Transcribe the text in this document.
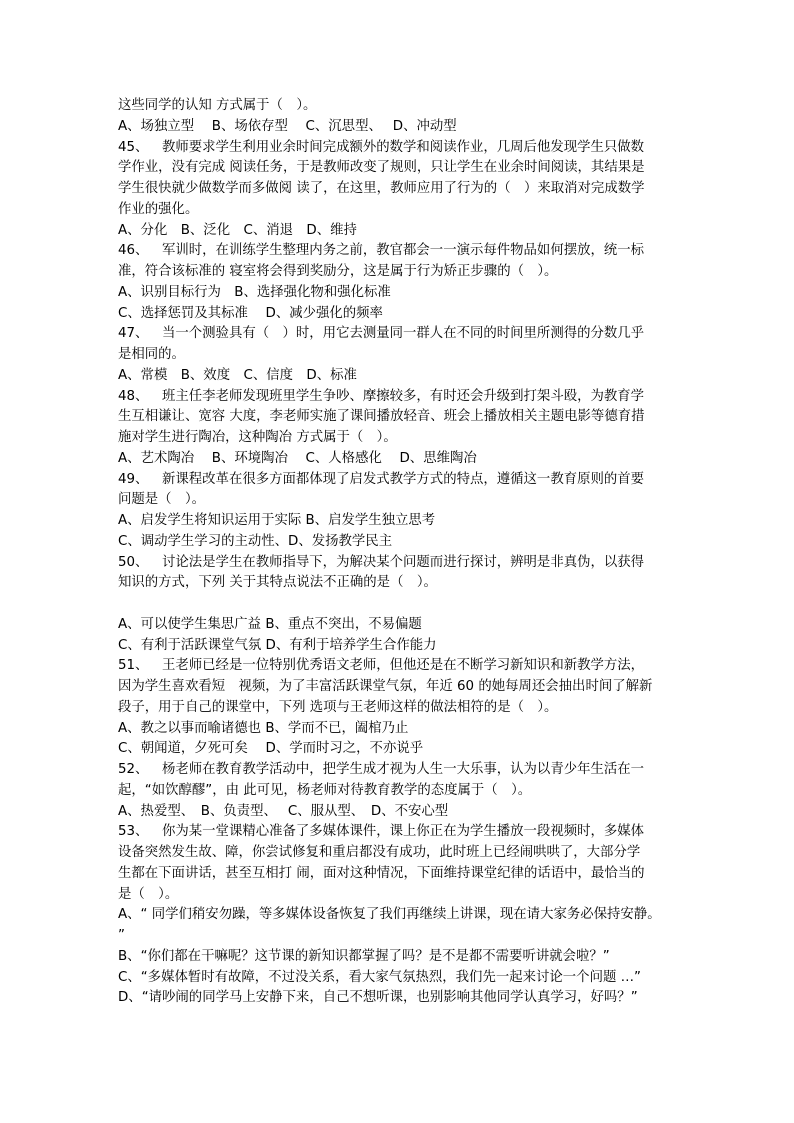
这些同学的认知 方式属于（　）。
A、场独立型　 B、场依存型　 C、沉思型、　 D、冲动型
45、 教师要求学生利用业余时间完成额外的数学和阅读作业，几周后他发现学生只做数
学作业，没有完成 阅读任务，于是教师改变了规则，只让学生在业余时间阅读，其结果是
学生很快就少做数学而多做阅 读了，在这里，教师应用了行为的（　）来取消对完成数学
作业的强化。
A、分化　B、泛化　C、消退　D、维持
46、 军训时，在训练学生整理内务之前，教官都会一一演示每件物品如何摆放，统一标
准，符合该标准的 寝室将会得到奖励分，这是属于行为矫正步骤的（　）。
A、识别目标行为　B、选择强化物和强化标准
C、选择惩罚及其标准　 D、减少强化的频率
47、 当一个测验具有（　）时，用它去测量同一群人在不同的时间里所测得的分数几乎
是相同的。
A、常模　B、效度　C、信度　D、标准
48、 班主任李老师发现班里学生争吵、摩擦较多，有时还会升级到打架斗殴，为教育学
生互相谦让、宽容 大度，李老师实施了课间播放轻音、班会上播放相关主题电影等德育措
施对学生进行陶冶，这种陶冶 方式属于（　）。
A、艺术陶冶　 B、环境陶冶　 C、人格感化　 D、思维陶冶
49、 新课程改革在很多方面都体现了启发式教学方式的特点，遵循这一教育原则的首要
问题是（　）。
A、启发学生将知识运用于实际 B、启发学生独立思考
C、调动学生学习的主动性、D、发扬教学民主
50、 讨论法是学生在教师指导下，为解决某个问题而进行探讨，辨明是非真伪，以获得
知识的方式，下列 关于其特点说法不正确的是（　）。
A、可以使学生集思广益 B、重点不突出，不易偏题
C、有利于活跃课堂气氛 D、有利于培养学生合作能力
51、 王老师已经是一位特别优秀语文老师，但他还是在不断学习新知识和新教学方法，
因为学生喜欢看短　视频，为了丰富活跃课堂气氛，年近 60 的她每周还会抽出时间了解新
段子，用于自己的课堂中，下列 选项与王老师这样的做法相符的是（　）。
A、教之以事而喻诸德也 B、学而不已，阖棺乃止
C、朝闻道，夕死可矣　 D、学而时习之，不亦说乎
52、 杨老师在教育教学活动中，把学生成才视为人生一大乐事，认为以青少年生活在一
起，“如饮醇醪”，由 此可见，杨老师对待教育教学的态度属于（　）。
A、热爱型、　B、负责型、　 C、服从型、　D、不安心型
53、 你为某一堂课精心准备了多媒体课件，课上你正在为学生播放一段视频时，多媒体
设备突然发生故、障，你尝试修复和重启都没有成功，此时班上已经闹哄哄了，大部分学
生都在下面讲话，甚至互相打 闹，面对这种情况，下面维持课堂纪律的话语中，最恰当的
是（　）。
A、“ 同学们稍安勿躁，等多媒体设备恢复了我们再继续上讲课，现在请大家务必保持安静。
”
B、“你们都在干嘛呢？这节课的新知识都掌握了吗？是不是都不需要听讲就会啦？”
C、“多媒体暂时有故障，不过没关系，看大家气氛热烈，我们先一起来讨论一个问题 …”
D、“请吵闹的同学马上安静下来，自己不想听课，也别影响其他同学认真学习，好吗？”
